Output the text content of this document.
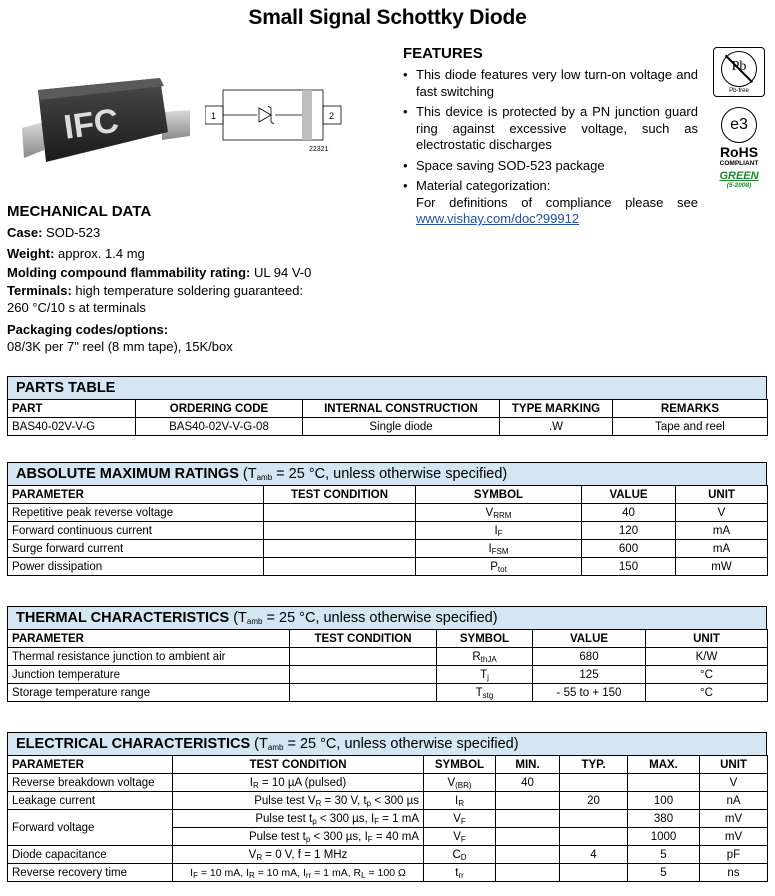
Small Signal Schottky Diode
IFC	1	2
22321
FEATURES
• This diode features very low turn-on voltage and fast switching
• This device is protected by a PN junction guard ring against excessive voltage, such as electrostatic discharges
• Space saving SOD-523 package
• Material categorization:
For definitions of compliance please see www.vishay.com/doc?99912
Pb
Pb-free
e3
RoHS
COMPLIANT
GREEN
(5-2008)
MECHANICAL DATA

Case: SOD-523

Weight: approx. 1.4 mg

Molding compound flammability rating: UL 94 V-0

Terminals: high temperature soldering guaranteed:
260 °C/10 s at terminals

Packaging codes/options:
08/3K per 7" reel (8 mm tape), 15K/box

PARTS TABLE
PART	ORDERING CODE	INTERNAL CONSTRUCTION	TYPE MARKING	REMARKS
BAS40-02V-V-G	BAS40-02V-V-G-08	Single diode	.W	Tape and reel
ABSOLUTE MAXIMUM RATINGS ($T_{amb} = 25$ °C, unless otherwise specified)
PARAMETER	TEST CONDITION	SYMBOL	VALUE	UNIT
Repetitive peak reverse voltage		$V_{RRM}$	40	V
Forward continuous current		$I_F$	120	mA
Surge forward current		$I_{FSM}$	600	mA
Power dissipation		$P_{tot}$	150	mW
THERMAL CHARACTERISTICS ($T_{amb} = 25$ °C, unless otherwise specified)
PARAMETER	TEST CONDITION	SYMBOL	VALUE	UNIT
Thermal resistance junction to ambient air		$R_{thJA}$	680	K/W
Junction temperature		$T_j$	125	°C
Storage temperature range		$T_{stg}$	- 55 to + 150	°C
ELECTRICAL CHARACTERISTICS ($T_{amb} = 25$ °C, unless otherwise specified)
PARAMETER	TEST CONDITION	SYMBOL	MIN.	TYP.	MAX.	UNIT
Reverse breakdown voltage	$I_R = 10$ µA (pulsed)	$V_{(BR)}$	40			V
Leakage current	Pulse test $V_R = 30$ V, $t_p < 300$ µs	$I_R$		20	100	nA
Forward voltage	Pulse test $t_p < 300$ µs, $I_F = 1$ mA	$V_F$			380	mV
	Pulse test $t_p < 300$ µs, $I_F = 40$ mA	$V_F$			1000	mV
Diode capacitance	$V_R = 0$ V, f = 1 MHz	$C_D$		4	5	pF
Reverse recovery time	$I_F = 10$ mA, $I_R = 10$ mA, $I_{rr} = 1$ mA, $R_L = 100$ Ω	$t_{rr}$			5	ns
